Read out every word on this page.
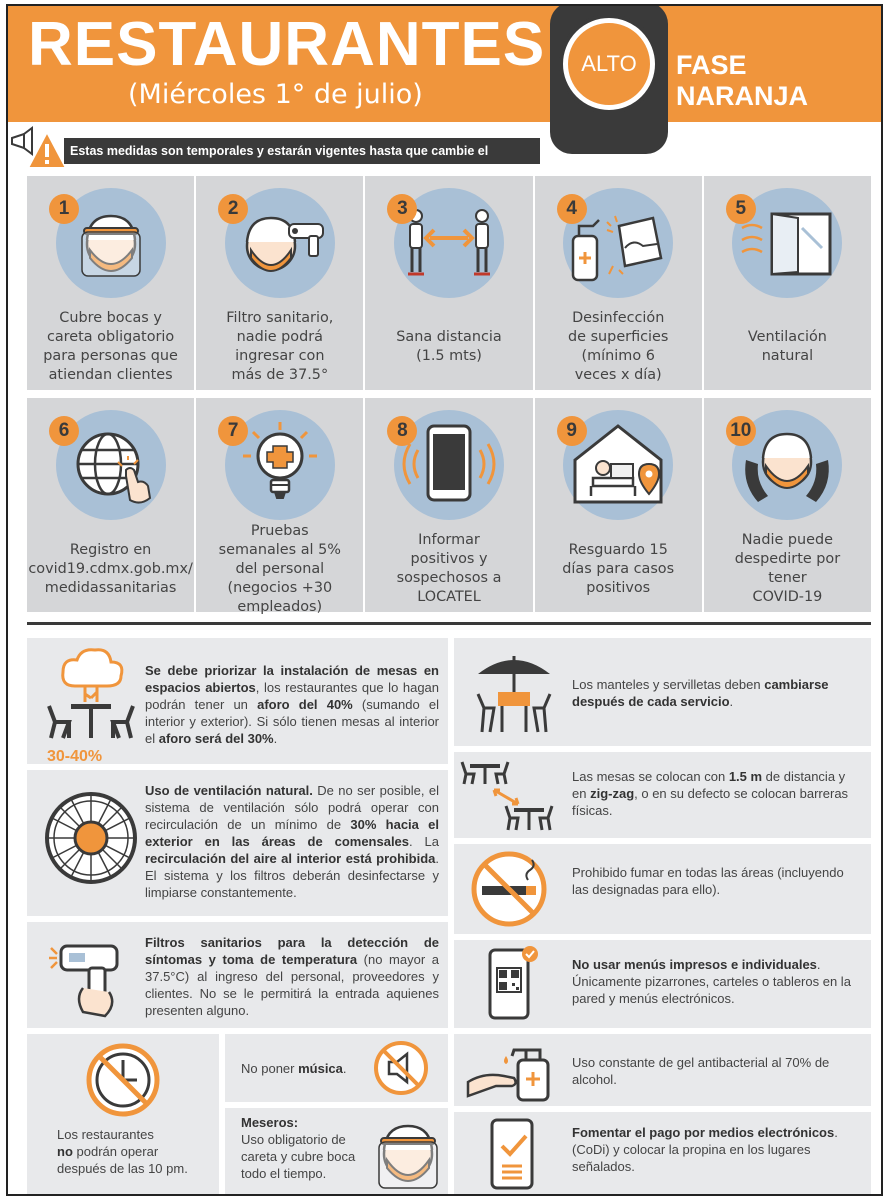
RESTAURANTES
(Miércoles 1° de julio)
FASE NARANJA
ALTO
Estas medidas son temporales y estarán vigentes hasta que cambie el
1
Cubre bocas y
careta obligatorio
para personas que
atiendan clientes
2
Filtro sanitario,
nadie podrá
ingresar con
más de 37.5°
3
Sana distancia
(1.5 mts)
4
Desinfección
de superficies
(mínimo 6
veces x día)
5
Ventilación
natural
6
Registro en
covid19.cdmx.gob.mx/
medidassanitarias
7
Pruebas
semanales al 5%
del personal
(negocios +30
empleados)
8
Informar
positivos y
sospechosos a
LOCATEL
9
Resguardo 15
días para casos
positivos
10
Nadie puede
despedirte por
tener
COVID-19
30-40%
Se debe priorizar la instalación de mesas en espacios abiertos, los restaurantes que lo hagan podrán tener un aforo del 40% (sumando el interior y exterior). Si sólo tienen mesas al interior el aforo será del 30%.
Uso de ventilación natural. De no ser posible, el sistema de ventilación sólo podrá operar con recirculación de un mínimo de 30% hacia el exterior en las áreas de comensales. La recirculación del aire al interior está prohibida. El sistema y los filtros deberán desinfectarse y limpiarse constantemente.
Filtros sanitarios para la detección de síntomas y toma de temperatura (no mayor a 37.5°C) al ingreso del personal, proveedores y clientes. No se le permitirá la entrada aquienes presenten alguno.
Los restaurantes
no podrán operar después de las 10 pm.
No poner música.
Meseros:
Uso obligatorio de careta y cubre boca todo el tiempo.
Los manteles y servilletas deben cambiarse después de cada servicio.
Las mesas se colocan con 1.5 m de distancia y en zig-zag, o en su defecto se colocan barreras físicas.
Prohibido fumar en todas las áreas (incluyendo las designadas para ello).
No usar menús impresos e individuales. Únicamente pizarrones, carteles o tableros en la pared y menús electrónicos.
Uso constante de gel antibacterial al 70% de alcohol.
Fomentar el pago por medios electrónicos. (CoDi) y colocar la propina en los lugares señalados.
